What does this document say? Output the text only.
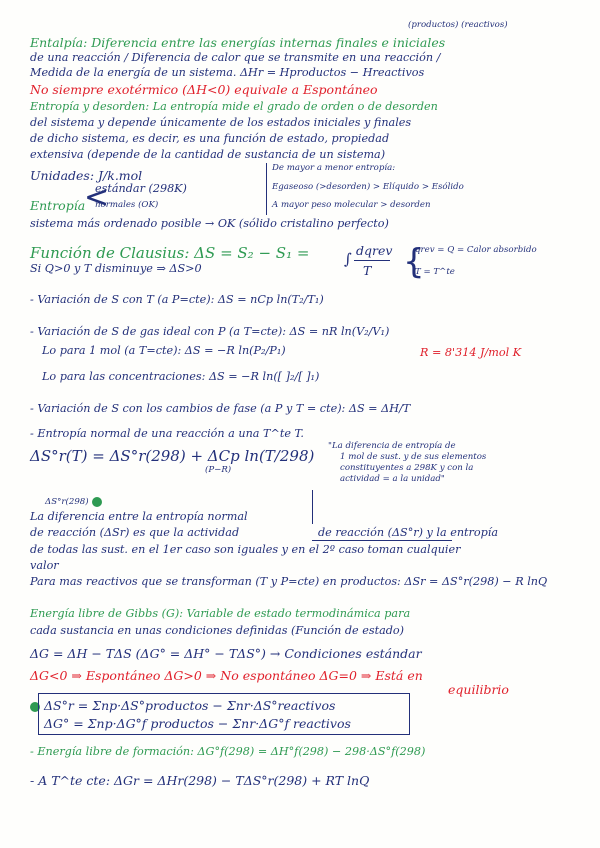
(productos) (reactivos)
Entalpía: Diferencia entre las energías internas finales e iniciales
de una reacción / Diferencia de calor que se transmite en una reacción /
Medida de la energía de un sistema. ΔHr = Hproductos − Hreactivos
No siempre exotérmico (ΔH<0) equivale a Espontáneo
Entropía y desorden: La entropía mide el grado de orden o de desorden
del sistema y depende únicamente de los estados iniciales y finales
de dicho sistema, es decir, es una función de estado, propiedad
extensiva (depende de la cantidad de sustancia de un sistema)
Unidades: J/k.mol	De mayor a menor entropía:
estándar (298K)	Egaseoso (>desorden) > Elíquido > Esólido
Entropía normales (OK)	A mayor peso molecular > desorden
sistema más ordenado posible → OK (sólido cristalino perfecto)
Función de Clausius: ΔS = S₂ − S₁ =
Si Q>0 y T disminuye ⇒ ΔS>0
∫ dqrev
T
qrev = Q = Calor absorbido
T = T^te
- Variación de S con T (a P=cte): ΔS = nCp ln(T₂/T₁)
- Variación de S de gas ideal con P (a T=cte): ΔS = nR ln(V₂/V₁)
Lo para 1 mol (a T=cte): ΔS = −R ln(P₂/P₁)	R = 8'314 J/mol K
Lo para las concentraciones: ΔS = −R ln([ ]₂/[ ]₁)
- Variación de S con los cambios de fase (a P y T = cte): ΔS = ΔH/T
- Entropía normal de una reacción a una T^te T.
ΔS°r(T) = ΔS°r(298) + ΔCp ln(T/298)
(P−R)
ΔS°r(298)
"La diferencia de entropía de
1 mol de sust. y de sus elementos
constituyentes a 298K y con la
actividad = a la unidad"
La diferencia entre la entropía normal
de reacción (ΔSr) es que la actividad	de reacción (ΔS°r) y la entropía
de todas las sust. en el 1er caso son iguales y en el 2º caso toman cualquier
valor
Para mas reactivos que se transforman (T y P=cte) en productos: ΔSr = ΔS°r(298) − R lnQ
Energía libre de Gibbs (G): Variable de estado termodinámica para
cada sustancia en unas condiciones definidas (Función de estado)
ΔG = ΔH − TΔS (ΔG° = ΔH° − TΔS°) → Condiciones estándar
ΔG<0 ⇒ Espontáneo ΔG>0 ⇒ No espontáneo ΔG=0 ⇒ Está en
equilibrio
ΔS°r = Σnp·ΔS°productos − Σnr·ΔS°reactivos
ΔG° = Σnp·ΔG°f productos − Σnr·ΔG°f reactivos
- Energía libre de formación: ΔG°f(298) = ΔH°f(298) − 298·ΔS°f(298)
- A T^te cte: ΔGr = ΔHr(298) − TΔS°r(298) + RT lnQ
<
{
